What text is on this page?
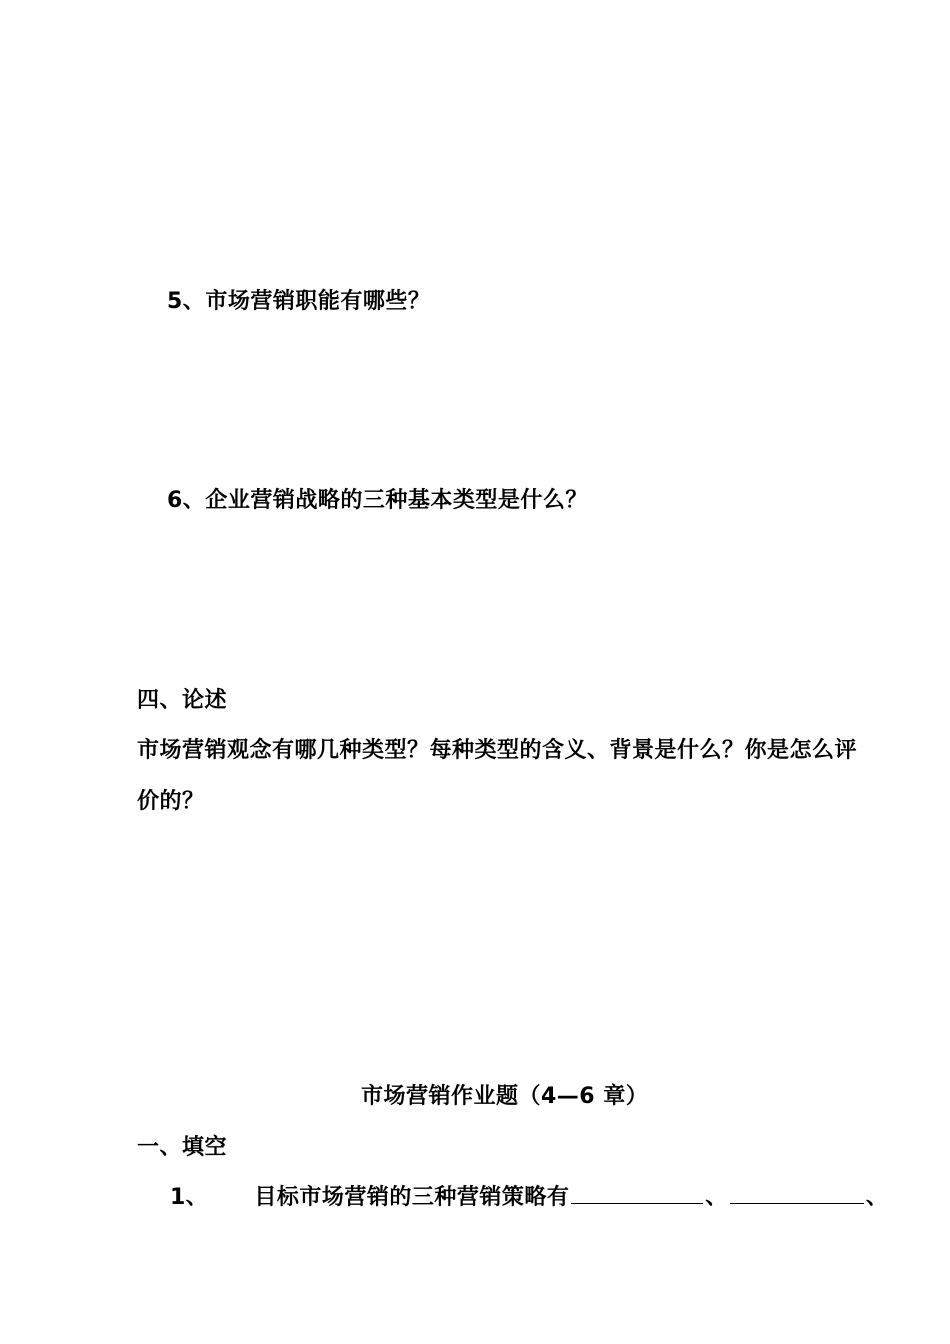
5、市场营销职能有哪些？
6、企业营销战略的三种基本类型是什么？
四、论述
市场营销观念有哪几种类型？每种类型的含义、背景是什么？你是怎么评
价的？
市场营销作业题（4—6 章）
一、填空
1、 目标市场营销的三种营销策略有	、	、
